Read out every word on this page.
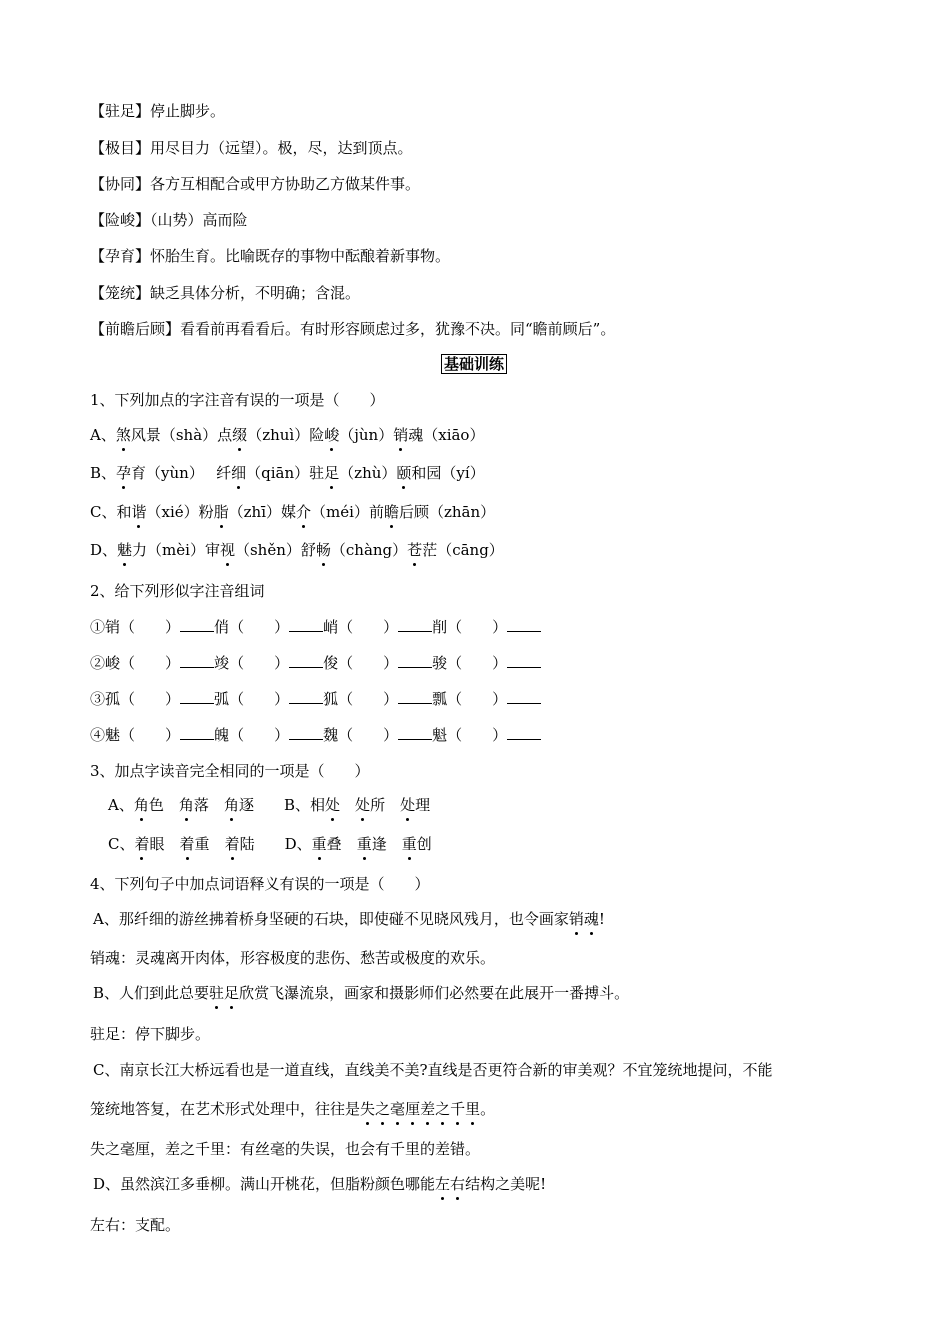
【驻足】停止脚步。
【极目】用尽目力（远望）。极，尽，达到顶点。
【协同】各方互相配合或甲方协助乙方做某件事。
【险峻】（山势）高而险
【孕育】怀胎生育。比喻既存的事物中酝酿着新事物。
【笼统】缺乏具体分析，不明确；含混。
【前瞻后顾】看看前再看看后。有时形容顾虑过多，犹豫不决。同“瞻前顾后”。
基础训练
1、下列加点的字注音有误的一项是（　　）
A、煞风景（shà）点缀（zhuì）险峻（jùn）销魂（xiāo）
B、孕育（yùn）　 纤细（qiān）驻足（zhù）颐和园（yí）
C、和谐（xié）粉脂（zhī）媒介（méi）前瞻后顾（zhān）
D、魅力（mèi）审视（shěn）舒畅（chàng）苍茫（cāng）
2、给下列形似字注音组词
①销（　　） 俏（　　） 峭（　　） 削（　　）
②峻（　　） 竣（　　） 俊（　　） 骏（　　）
③孤（　　） 弧（　　） 狐（　　） 瓢（　　）
④魅（　　） 魄（　　） 魏（　　） 魁（　　）
3、加点字读音完全相同的一项是（　　）
A、角色　 角落　 角逐　　 B、相处　 处所　 处理
C、着眼　 着重　 着陆　　 D、重叠　 重逢　 重创
4、下列句子中加点词语释义有误的一项是（　　）
A、那纤细的游丝拂着桥身坚硬的石块，即使碰不见晓风残月，也令画家销魂!
销魂：灵魂离开肉体，形容极度的悲伤、愁苦或极度的欢乐。
B、人们到此总要驻足欣赏飞瀑流泉，画家和摄影师们必然要在此展开一番搏斗。
驻足：停下脚步。
C、南京长江大桥远看也是一道直线，直线美不美?直线是否更符合新的审美观？不宜笼统地提问，不能
笼统地答复，在艺术形式处理中，往往是失之毫厘差之千里。
失之毫厘，差之千里：有丝毫的失误，也会有千里的差错。
D、虽然滨江多垂柳。满山开桃花，但脂粉颜色哪能左右结构之美呢!
左右：支配。
